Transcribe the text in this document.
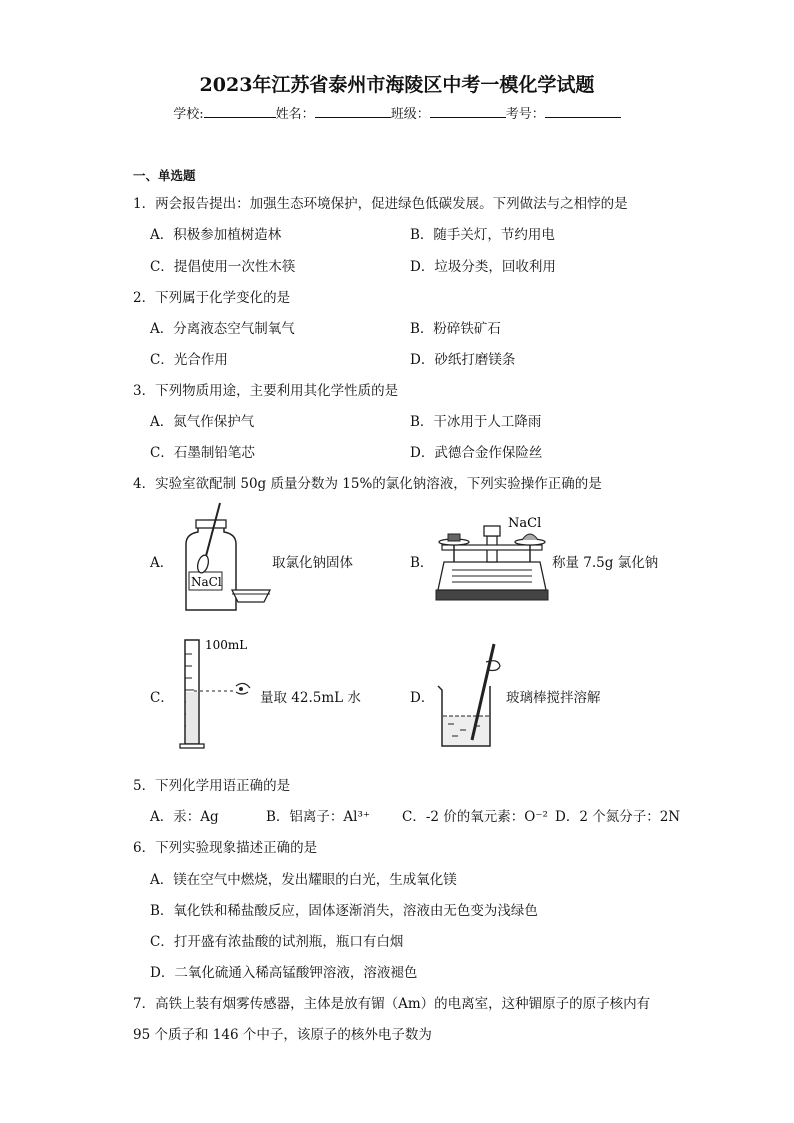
2023年江苏省泰州市海陵区中考一模化学试题
学校:	姓名：	班级：	考号：
一、单选题
1．两会报告提出：加强生态环境保护，促进绿色低碳发展。下列做法与之相悖的是
A．积极参加植树造林	B．随手关灯，节约用电
C．提倡使用一次性木筷	D．垃圾分类，回收利用
2．下列属于化学变化的是
A．分离液态空气制氧气	B．粉碎铁矿石
C．光合作用	D．砂纸打磨镁条
3．下列物质用途，主要利用其化学性质的是
A．氮气作保护气	B．干冰用于人工降雨
C．石墨制铅笔芯	D．武德合金作保险丝
4．实验室欲配制 50g 质量分数为 15%的氯化钠溶液，下列实验操作正确的是
A．
NaCl
取氯化钠固体	B．
NaCl
称量 7.5g 氯化钠
C．
100mL
量取 42.5mL 水	D．	玻璃棒搅拌溶解
5．下列化学用语正确的是
A．汞：Ag	B．铝离子：Al³⁺ C．-2 价的氧元素：O⁻² D．2 个氮分子：2N
6．下列实验现象描述正确的是
A．镁在空气中燃烧，发出耀眼的白光，生成氧化镁
B．氧化铁和稀盐酸反应，固体逐渐消失，溶液由无色变为浅绿色
C．打开盛有浓盐酸的试剂瓶，瓶口有白烟
D．二氧化硫通入稀高锰酸钾溶液，溶液褪色
7．高铁上装有烟雾传感器，主体是放有镅（Am）的电离室，这种镅原子的原子核内有
95 个质子和 146 个中子，该原子的核外电子数为
